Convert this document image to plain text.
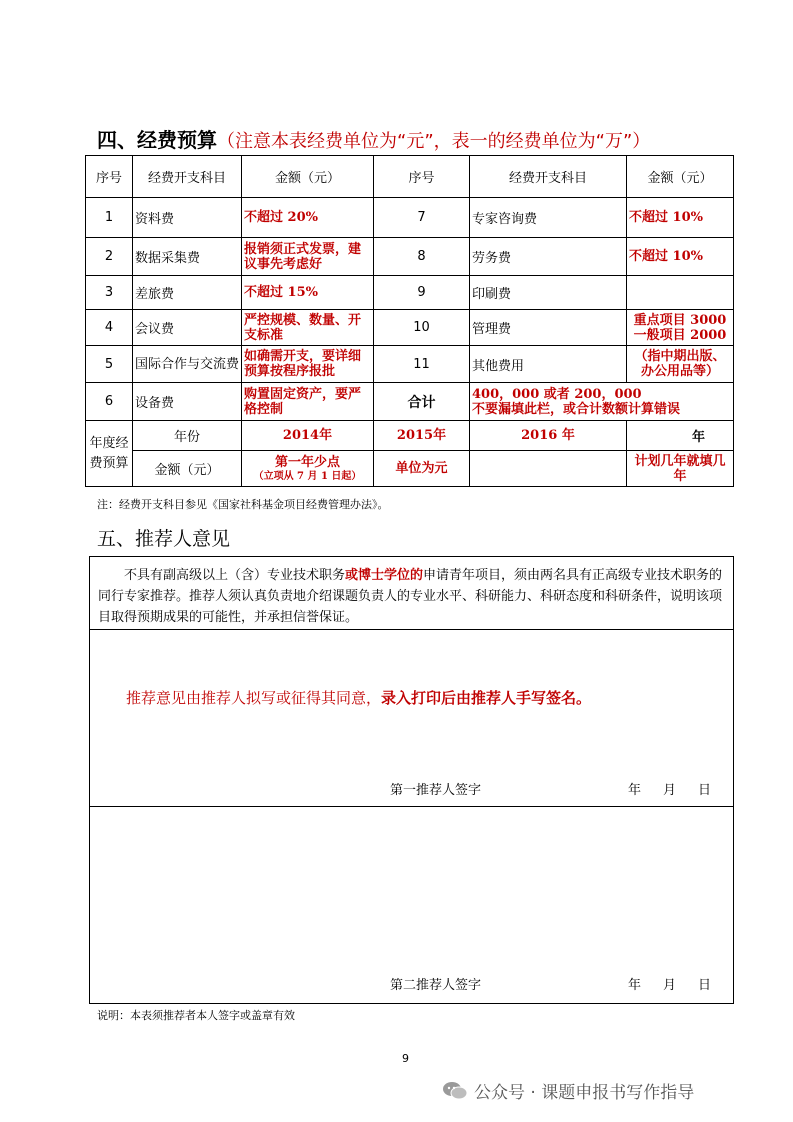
四、经费预算（注意本表经费单位为“元”，表一的经费单位为“万”）
序号	经费开支科目	金额（元）	序号	经费开支科目	金额（元）
1	资料费	不超过 20%	7	专家咨询费	不超过 10%
2	数据采集费	报销须正式发票，建议事先考虑好	8	劳务费	不超过 10%
3	差旅费	不超过 15%	9	印刷费	
4	会议费	严控规模、数量、开支标准	10	管理费	重点项目 3000 一般项目 2000
5	国际合作与交流费	如确需开支，要详细预算按程序报批	11	其他费用	（指中期出版、办公用品等）
6	设备费	购置固定资产，要严格控制	合计	400，000 或者 200，000
不要漏填此栏，或合计数额计算错误	

年度经费预算	年份	2014年	2015年	2016 年	年
	金额（元）	第一年少点
（立项从 7 月 1 日起）	单位为元		计划几年就填几年
注：经费开支科目参见《国家社科基金项目经费管理办法》。
五、推荐人意见
不具有副高级以上（含）专业技术职务或博士学位的申请青年项目，须由两名具有正高级专业技术职务的同行专家推荐。推荐人须认真负责地介绍课题负责人的专业水平、科研能力、科研态度和科研条件，说明该项目取得预期成果的可能性，并承担信誉保证。
推荐意见由推荐人拟写或征得其同意，录入打印后由推荐人手写签名。
第一推荐人签字	年 月 日
第二推荐人签字	年 月 日
说明：本表须推荐者本人签字或盖章有效
9
公众号 · 课题申报书写作指导
